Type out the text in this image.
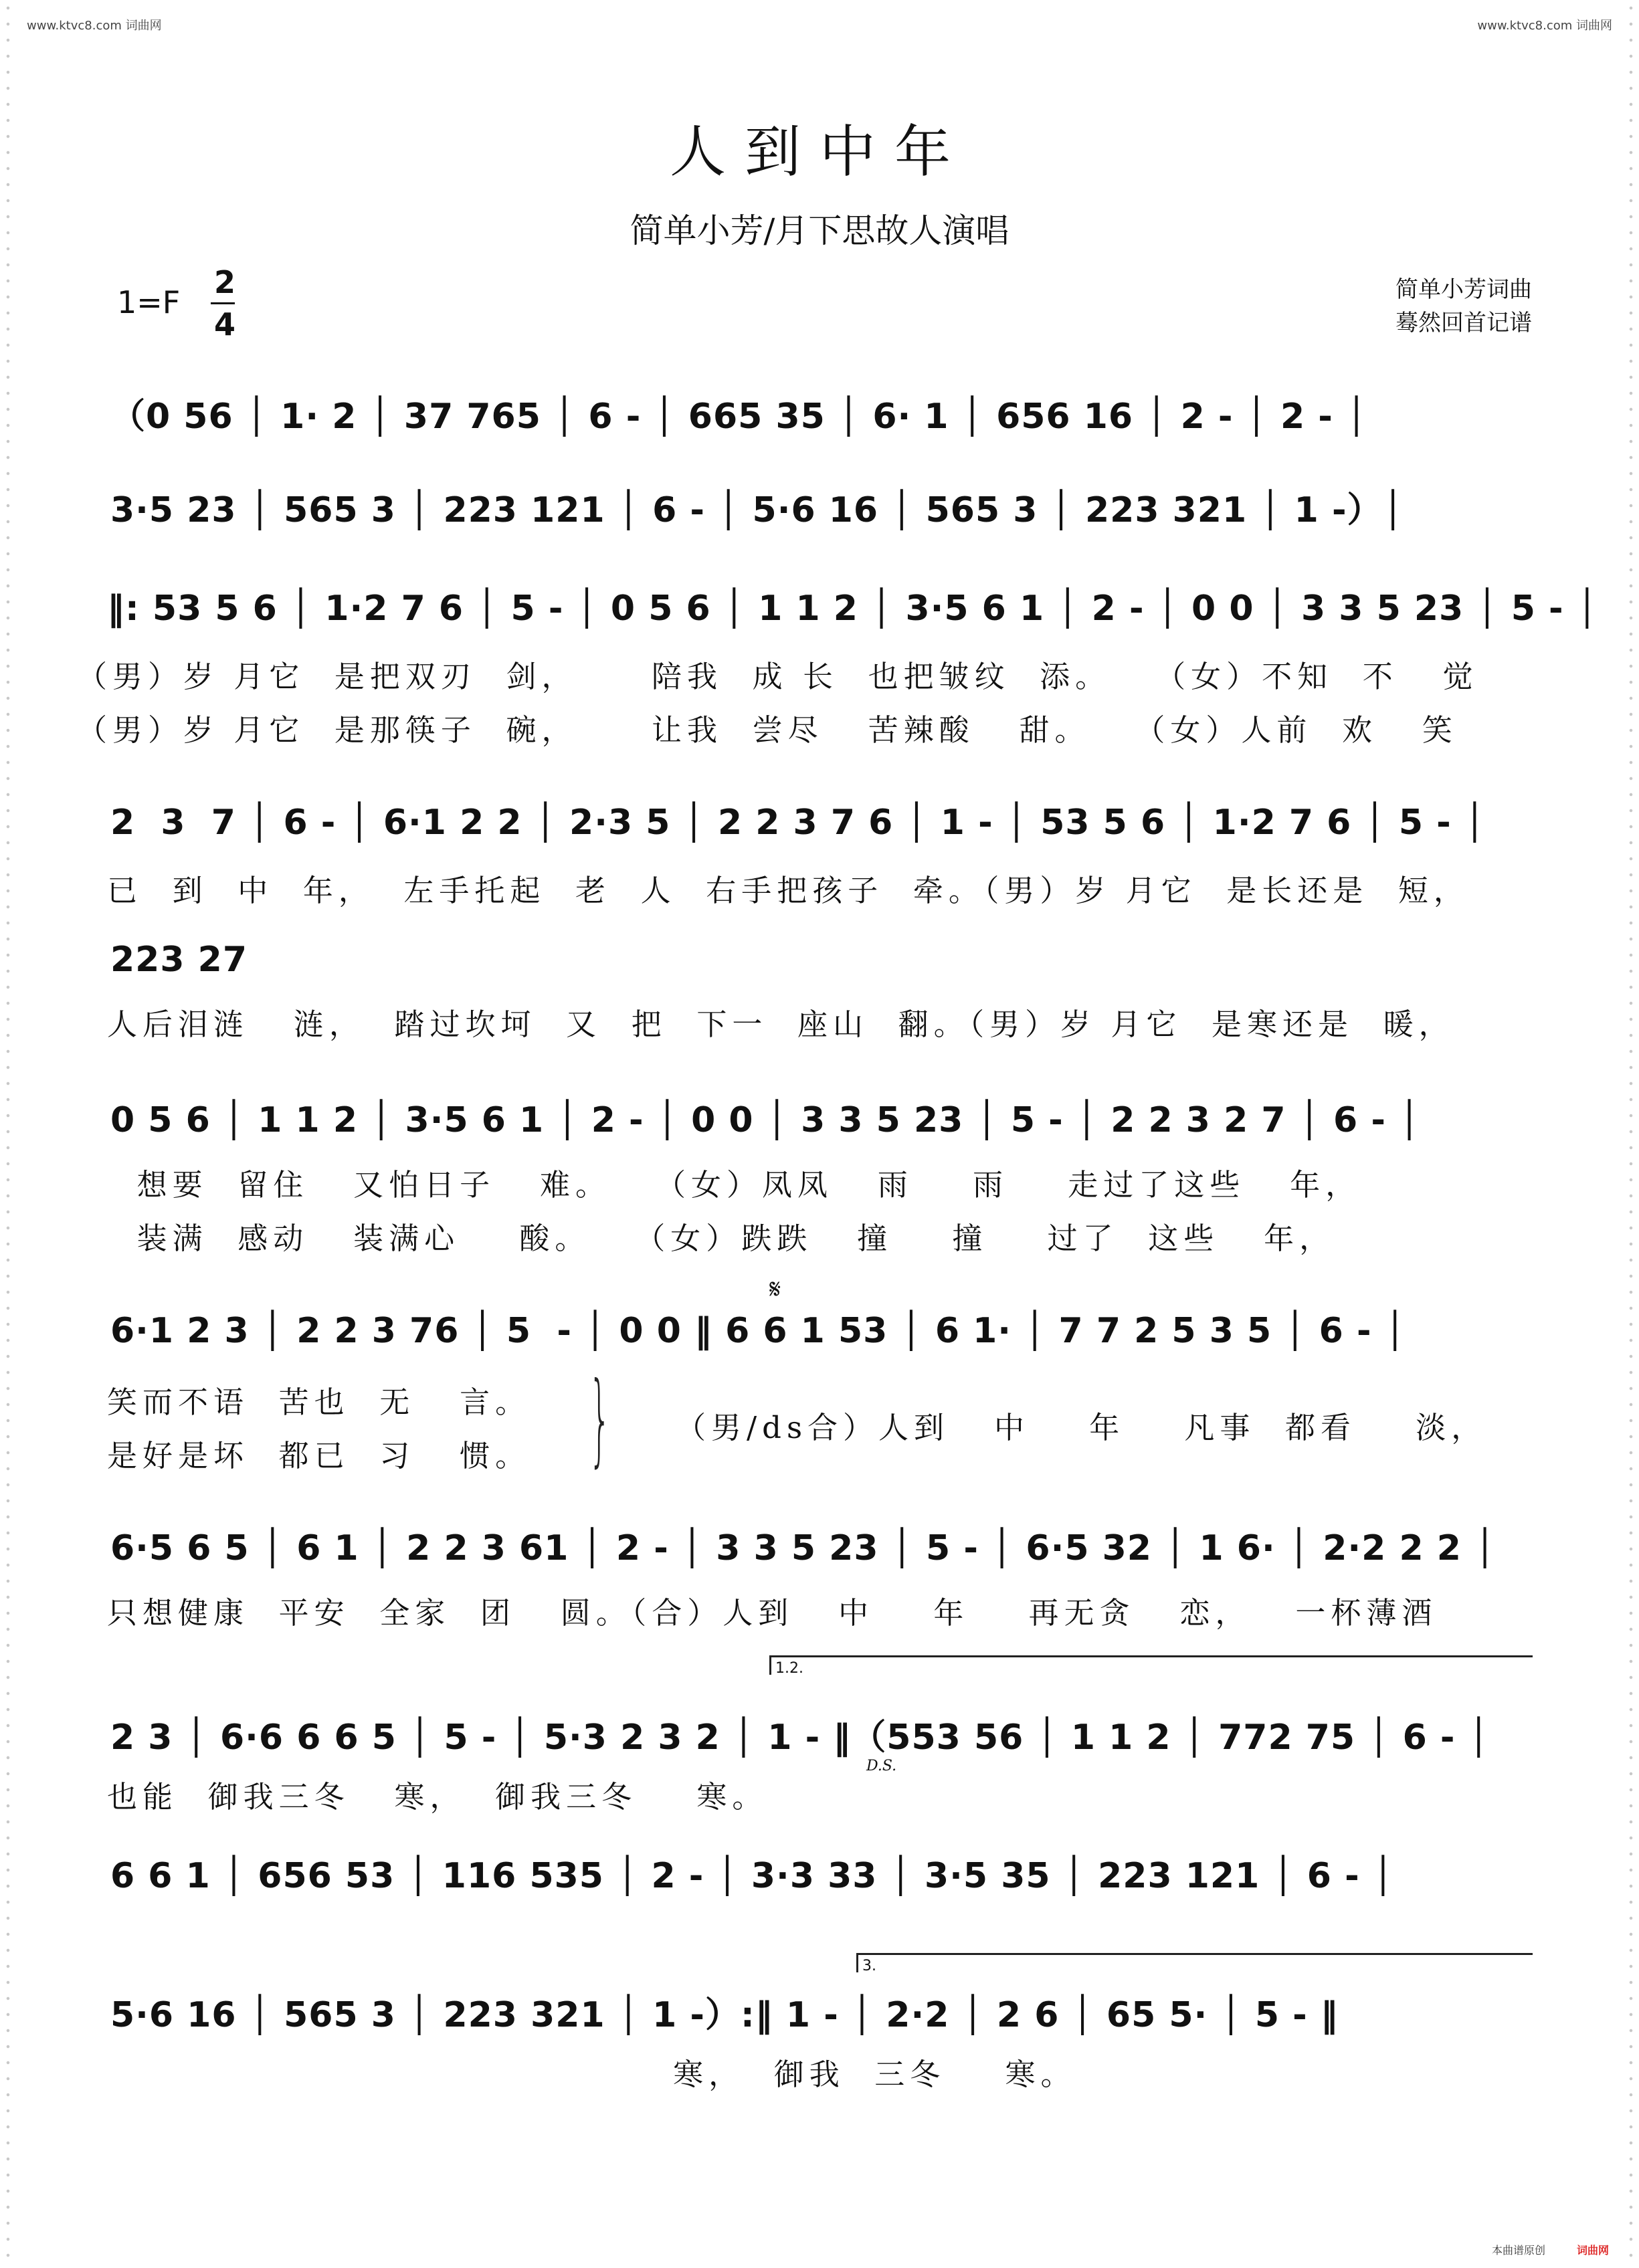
www.ktvc8.com 词曲网	www.ktvc8.com 词曲网
人到中年
简单小芳/月下思故人演唱
1=F
2
4
简单小芳词曲
蓦然回首记谱
（0 56 │ 1· 2 │ 37 765 │ 6 - │ 665 35 │ 6· 1 │ 656 16 │ 2 - │ 2 - │
3·5 23 │ 565 3 │ 223 121 │ 6 - │ 5·6 16 │ 565 3 │ 223 321 │ 1 -）│
‖: 53 5 6 │ 1·2 7 6 │ 5 - │ 0 5 6 │ 1 1 2 │ 3·5 6 1 │ 2 - │ 0 0 │ 3 3 5 23 │ 5 - │
（男）岁 月它  是把双刃  剑，     陪我  成 长  也把皱纹  添。   （女）不知  不   觉
（男）岁 月它  是那筷子  碗，     让我  尝尽   苦辣酸   甜。   （女）人前  欢   笑
2  3  7 │ 6 - │ 6·1 2 2 │ 2·3 5 │ 2 2 3 7 6 │ 1 - │ 53 5 6 │ 1·2 7 6 │ 5 - │
已  到  中  年，  左手托起  老  人  右手把孩子  牵。（男）岁 月它  是长还是  短，
223 27
人后泪涟   涟，  踏过坎坷  又  把  下一  座山  翻。（男）岁 月它  是寒还是  暖，
0 5 6 │ 1 1 2 │ 3·5 6 1 │ 2 - │ 0 0 │ 3 3 5 23 │ 5 - │ 2 2 3 2 7 │ 6 - │
想要  留住   又怕日子   难。   （女）凤凤   雨    雨    走过了这些   年，
装满  感动   装满心    酸。   （女）跌跌   撞    撞    过了  这些   年，
𝄋
6·1 2 3 │ 2 2 3 76 │ 5  - │ 0 0 ‖ 6 6 1 53 │ 6 1· │ 7 7 2 5 3 5 │ 6 - │
笑而不语  苦也  无   言。
是好是坏  都已  习   惯。 } （男/ds合）人到   中    年    凡事  都看    淡，
6·5 6 5 │ 6 1 │ 2 2 3 61 │ 2 - │ 3 3 5 23 │ 5 - │ 6·5 32 │ 1 6· │ 2·2 2 2 │
只想健康  平安  全家  团   圆。（合）人到   中    年    再无贪   恋，   一杯薄酒
1.2.
2 3 │ 6·6 6 6 5 │ 5 - │ 5·3 2 3 2 │ 1 - ‖（553 56 │ 1 1 2 │ 772 75 │ 6 - │
D.S.
也能  御我三冬   寒，  御我三冬    寒。
6 6 1 │ 656 53 │ 116 535 │ 2 - │ 3·3 33 │ 3·5 35 │ 223 121 │ 6 - │
3.
5·6 16 │ 565 3 │ 223 321 │ 1 -）:‖ 1 - │ 2·2 │ 2 6 │ 65 5· │ 5 - ‖
寒，  御我  三冬    寒。
本曲谱原创	词曲网
